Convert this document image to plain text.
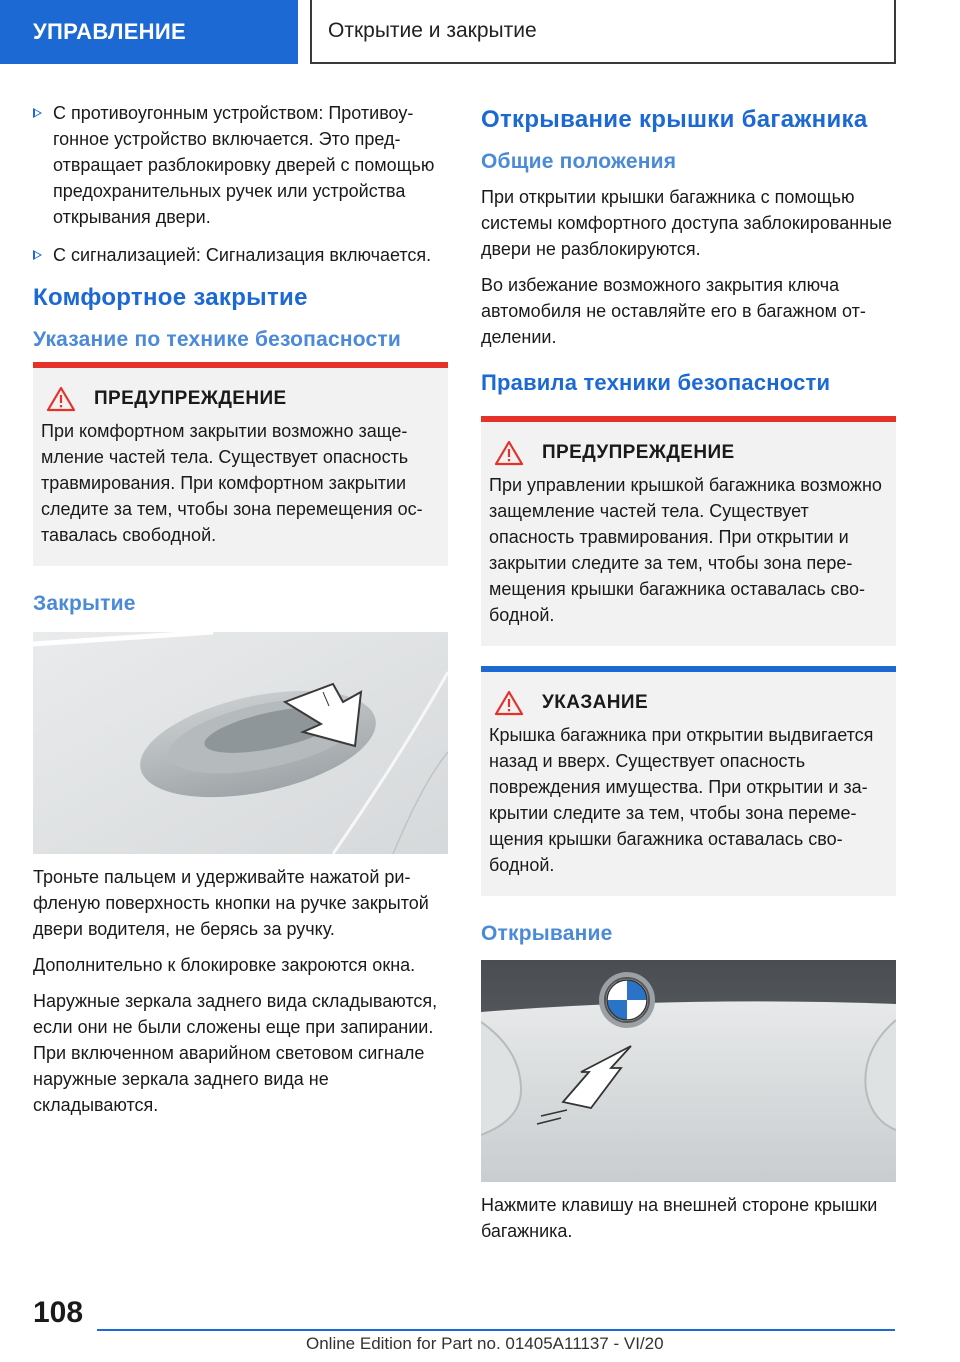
УПРАВЛЕНИЕ	Открытие и закрытие
С противоугонным устройством: Противоугонное устройство включается. Это предотвращает разблокировку дверей с помощью предохранительных ручек или устройства открывания двери.
С сигнализацией: Сигнализация включается.
Комфортное закрытие
Указание по технике безопасности
ПРЕДУПРЕЖДЕНИЕ

При комфортном закрытии возможно защемление частей тела. Существует опасность травмирования. При комфортном закрытии следите за тем, чтобы зона перемещения оставалась свободной.

Закрытие

Троньте пальцем и удерживайте нажатой рифленую поверхность кнопки на ручке закрытой двери водителя, не берясь за ручку.

Дополнительно к блокировке закроются окна.

Наружные зеркала заднего вида складываются, если они не были сложены еще при запирании. При включенном аварийном световом сигнале наружные зеркала заднего вида не складываются.

Открывание крышки багажника
Общие положения

При открытии крышки багажника с помощью системы комфортного доступа заблокированные двери не разблокируются.

Во избежание возможного закрытия ключа автомобиля не оставляйте его в багажном отделении.

Правила техники безопасности
ПРЕДУПРЕЖДЕНИЕ

При управлении крышкой багажника возможно защемление частей тела. Существует опасность травмирования. При открытии и закрытии следите за тем, чтобы зона перемещения крышки багажника оставалась свободной.

УКАЗАНИЕ

Крышка багажника при открытии выдвигается назад и вверх. Существует опасность повреждения имущества. При открытии и закрытии следите за тем, чтобы зона перемещения крышки багажника оставалась свободной.

Открывание

Нажмите клавишу на внешней стороне крышки багажника.

108
Online Edition for Part no. 01405A11137 - VI/20
